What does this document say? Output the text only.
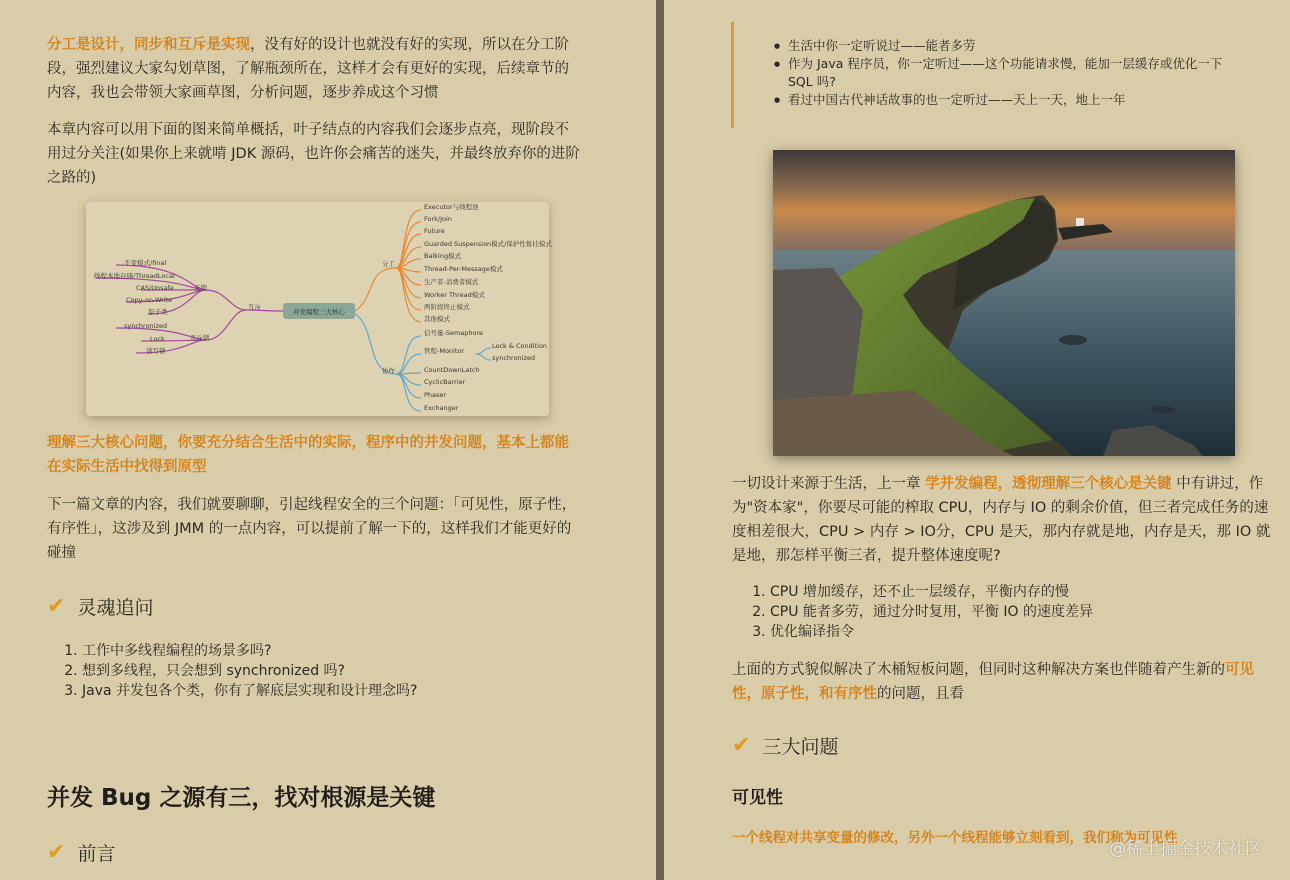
分工是设计，同步和互斥是实现，没有好的设计也就没有好的实现，所以在分工阶段，强烈建议大家勾划草图，了解瓶颈所在，这样才会有更好的实现，后续章节的内容，我也会带领大家画草图，分析问题，逐步养成这个习惯

本章内容可以用下面的图来简单概括，叶子结点的内容我们会逐步点亮，现阶段不用过分关注(如果你上来就啃 JDK 源码，也许你会痛苦的迷失，并最终放弃你的进阶之路的)

并发编程三大核心
分工
互斥
协作
Executor与线程池
Fork/Join
Future
Guarded Suspension模式/保护性暂挂模式
Balking模式
Thread-Per-Message模式
生产者-消费者模式
Worker Thread模式
两阶段终止模式
其他模式
信号量-Semaphore
管程-Monitor
CountDownLatch
CyclicBarrier
Phaser
Exchanger
Lock & Condition
synchronized
无锁
互斥锁
不变模式/final
线程本地存储/ThreadLocal
CAS/Unsafe
Copy-on-Write
原子类
synchronized
Lock
读写锁

理解三大核心问题，你要充分结合生活中的实际，程序中的并发问题，基本上都能在实际生活中找得到原型

下一篇文章的内容，我们就要聊聊，引起线程安全的三个问题：「可见性，原子性，有序性」，这涉及到 JMM 的一点内容，可以提前了解一下的，这样我们才能更好的碰撞

✔ 灵魂追问
1. 工作中多线程编程的场景多吗?
2. 想到多线程，只会想到 synchronized 吗?
3. Java 并发包各个类，你有了解底层实现和设计理念吗?
并发 Bug 之源有三，找对根源是关键
✔ 前言
● 生活中你一定听说过——能者多劳
● 作为 Java 程序员，你一定听过——这个功能请求慢，能加一层缓存或优化一下 SQL 吗?
● 看过中国古代神话故事的也一定听过——天上一天，地上一年

一切设计来源于生活，上一章 学并发编程，透彻理解三个核心是关键 中有讲过，作为"资本家"，你要尽可能的榨取 CPU，内存与 IO 的剩余价值，但三者完成任务的速度相差很大，CPU > 内存 > IO分，CPU 是天，那内存就是地，内存是天，那 IO 就是地，那怎样平衡三者，提升整体速度呢?

1. CPU 增加缓存，还不止一层缓存，平衡内存的慢
2. CPU 能者多劳，通过分时复用，平衡 IO 的速度差异
3. 优化编译指令

上面的方式貌似解决了木桶短板问题，但同时这种解决方案也伴随着产生新的可见性，原子性，和有序性的问题，且看

✔ 三大问题
可见性

一个线程对共享变量的修改，另外一个线程能够立刻看到，我们称为可见性

@稀土掘金技术社区
